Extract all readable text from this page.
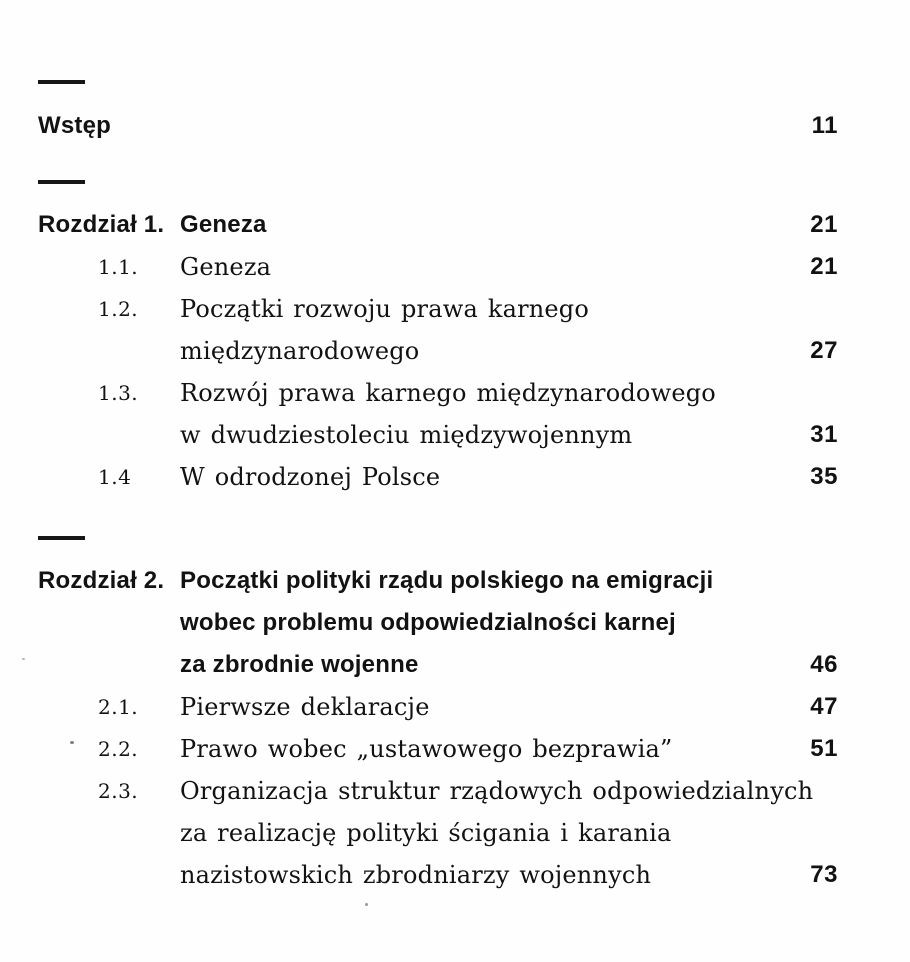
Wstęp	11
Rozdział 1. Geneza	21
1.1.	Geneza	21
1.2.	Początki rozwoju prawa karnego
międzynarodowego	27
1.3.	Rozwój prawa karnego międzynarodowego
w dwudziestoleciu międzywojennym	31
1.4	W odrodzonej Polsce	35
Rozdział 2. Początki polityki rządu polskiego na emigracji
wobec problemu odpowiedzialności karnej
za zbrodnie wojenne	46
2.1.	Pierwsze deklaracje	47
2.2.	Prawo wobec „ustawowego bezprawia”	51
2.3.	Organizacja struktur rządowych odpowiedzialnych
za realizację polityki ścigania i karania
nazistowskich zbrodniarzy wojennych	73
